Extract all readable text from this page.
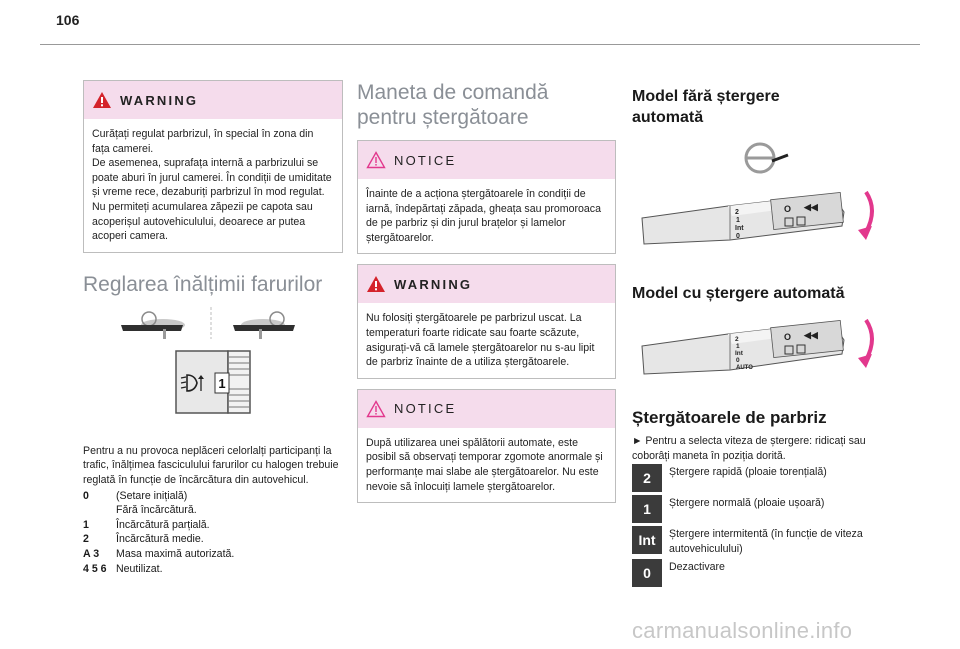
106
WARNING

Curățați regulat parbrizul, în special în zona din fața camerei.

De asemenea, suprafața internă a parbrizului se poate aburi în jurul camerei. În condiții de umiditate și vreme rece, dezaburiți parbrizul în mod regulat.

Nu permiteți acumularea zăpezii pe capota sau acoperișul autovehiculului, deoarece ar putea acoperi camera.

Reglarea înălțimii farurilor
1
Pentru a nu provoca neplăceri celorlalți participanți la trafic, înălțimea fasciculului farurilor cu halogen trebuie reglată în funcție de încărcătura din autovehicul.
0	(Setare inițială)
Fără încărcătură.
1	Încărcătură parțială.
2	Încărcătură medie.
A 3	Masa maximă autorizată.
4 5 6 Neutilizat.
Maneta de comandă
pentru ștergătoare
NOTICE
Înainte de a acționa ștergătoarele în condiții de iarnă, îndepărtați zăpada, gheața sau promoroaca de pe parbriz și din jurul brațelor și lamelor ștergătoarelor.
WARNING
Nu folosiți ștergătoarele pe parbrizul uscat. La temperaturi foarte ridicate sau foarte scăzute, asigurați-vă că lamele ștergătoarelor nu s-au lipit de parbriz înainte de a utiliza ștergătoarele.
NOTICE
După utilizarea unei spălătorii automate, este posibil să observați temporar zgomote anormale și performanțe mai slabe ale ștergătoarelor. Nu este nevoie să înlocuiți lamele ștergătoarelor.
Model fără ștergere
automată
O ◀◀
2
1
Int
0
Model cu ștergere automată
O ◀◀
2
1
Int
0
AUTO
Ștergătoarele de parbriz
► Pentru a selecta viteza de ștergere: ridicați sau coborâți maneta în poziția dorită.
2	Ștergere rapidă (ploaie torențială)
1	Ștergere normală (ploaie ușoară)
Int	Ștergere intermitentă (în funcție de viteza autovehiculului)
0	Dezactivare
carmanualsonline.info
